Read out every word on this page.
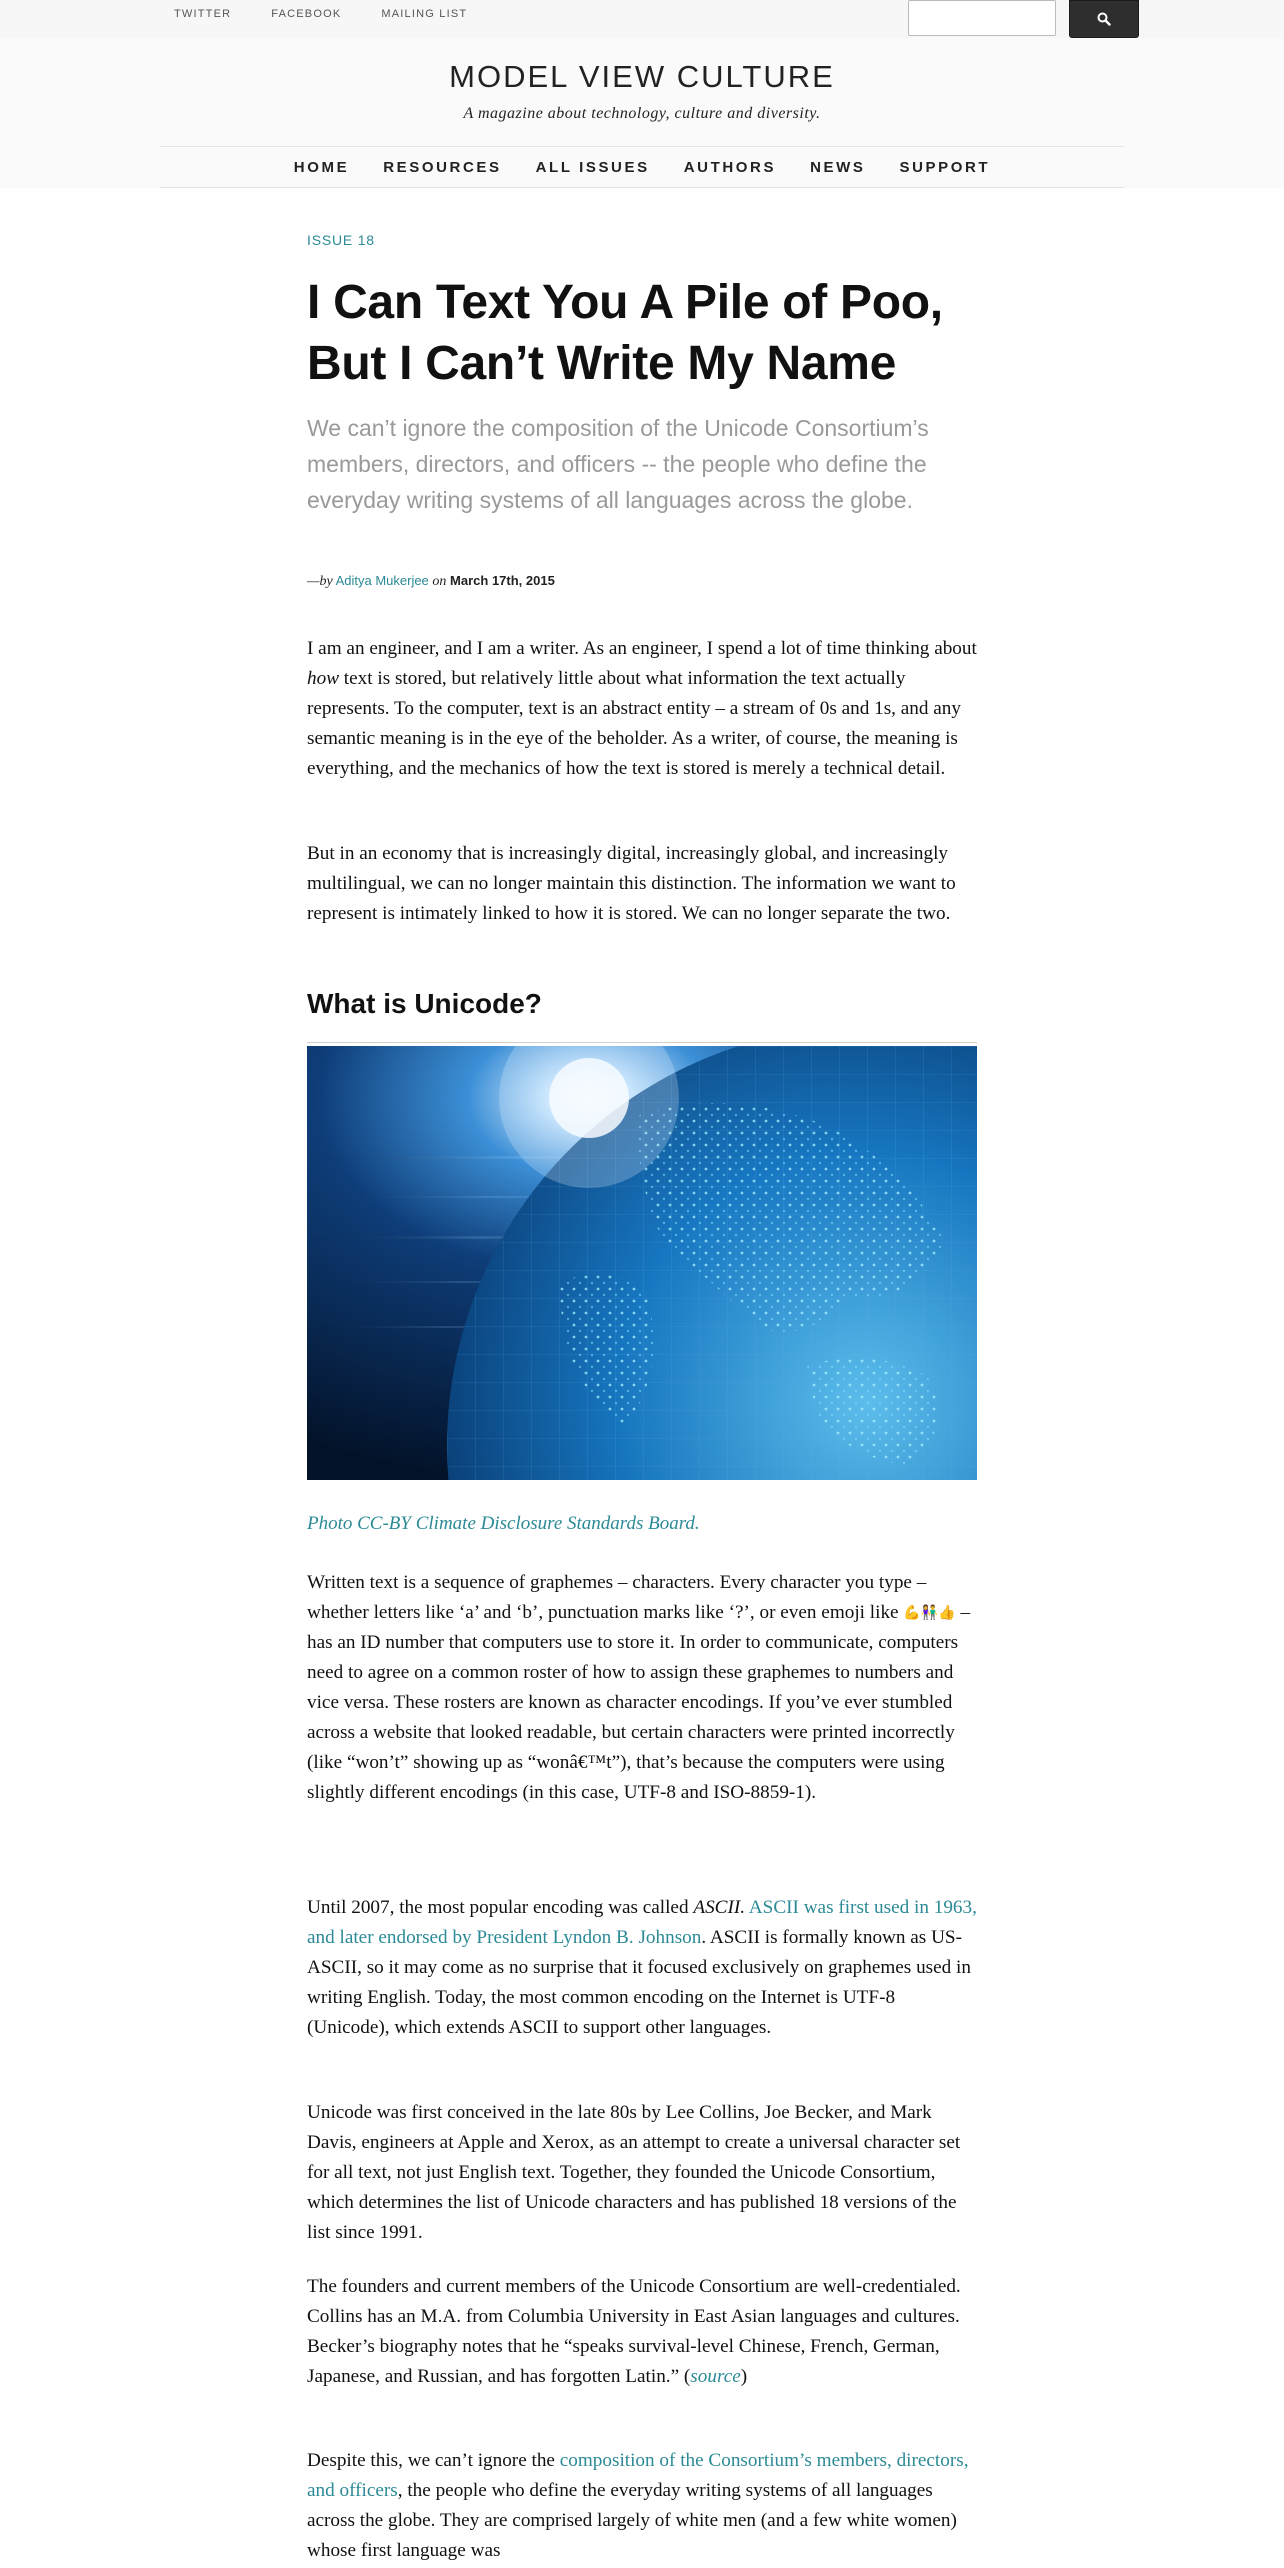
TWITTER	FACEBOOK	MAILING LIST
MODEL VIEW CULTURE
A magazine about technology, culture and diversity.
HOME RESOURCES ALL ISSUES AUTHORS NEWS SUPPORT
ISSUE 18
I Can Text You A Pile of Poo, But I Can’t Write My Name

We can’t ignore the composition of the Unicode Consortium’s members, directors, and officers -- the people who define the everyday writing systems of all languages across the globe.

—by Aditya Mukerjee on March 17th, 2015

I am an engineer, and I am a writer. As an engineer, I spend a lot of time thinking about how text is stored, but relatively little about what information the text actually represents. To the computer, text is an abstract entity – a stream of 0s and 1s, and any semantic meaning is in the eye of the beholder. As a writer, of course, the meaning is everything, and the mechanics of how the text is stored is merely a technical detail.

But in an economy that is increasingly digital, increasingly global, and increasingly multilingual, we can no longer maintain this distinction. The information we want to represent is intimately linked to how it is stored. We can no longer separate the two.

What is Unicode?
Photo CC-BY Climate Disclosure Standards Board.

Written text is a sequence of graphemes – characters. Every character you type – whether letters like ‘a’ and ‘b’, punctuation marks like ‘?’, or even emoji like 💪👫👍 – has an ID number that computers use to store it. In order to communicate, computers need to agree on a common roster of how to assign these graphemes to numbers and vice versa. These rosters are known as character encodings. If you’ve ever stumbled across a website that looked readable, but certain characters were printed incorrectly (like “won’t” showing up as “wonâ€™t”), that’s because the computers were using slightly different encodings (in this case, UTF-8 and ISO-8859-1).

Until 2007, the most popular encoding was called ASCII. ASCII was first used in 1963, and later endorsed by President Lyndon B. Johnson. ASCII is formally known as US-ASCII, so it may come as no surprise that it focused exclusively on graphemes used in writing English. Today, the most common encoding on the Internet is UTF-8 (Unicode), which extends ASCII to support other languages.

Unicode was first conceived in the late 80s by Lee Collins, Joe Becker, and Mark Davis, engineers at Apple and Xerox, as an attempt to create a universal character set for all text, not just English text. Together, they founded the Unicode Consortium, which determines the list of Unicode characters and has published 18 versions of the list since 1991.

The founders and current members of the Unicode Consortium are well-credentialed. Collins has an M.A. from Columbia University in East Asian languages and cultures. Becker’s biography notes that he “speaks survival-level Chinese, French, German, Japanese, and Russian, and has forgotten Latin.” (source)

Despite this, we can’t ignore the composition of the Consortium’s members, directors, and officers, the people who define the everyday writing systems of all languages across the globe. They are comprised largely of white men (and a few white women) whose first language was
